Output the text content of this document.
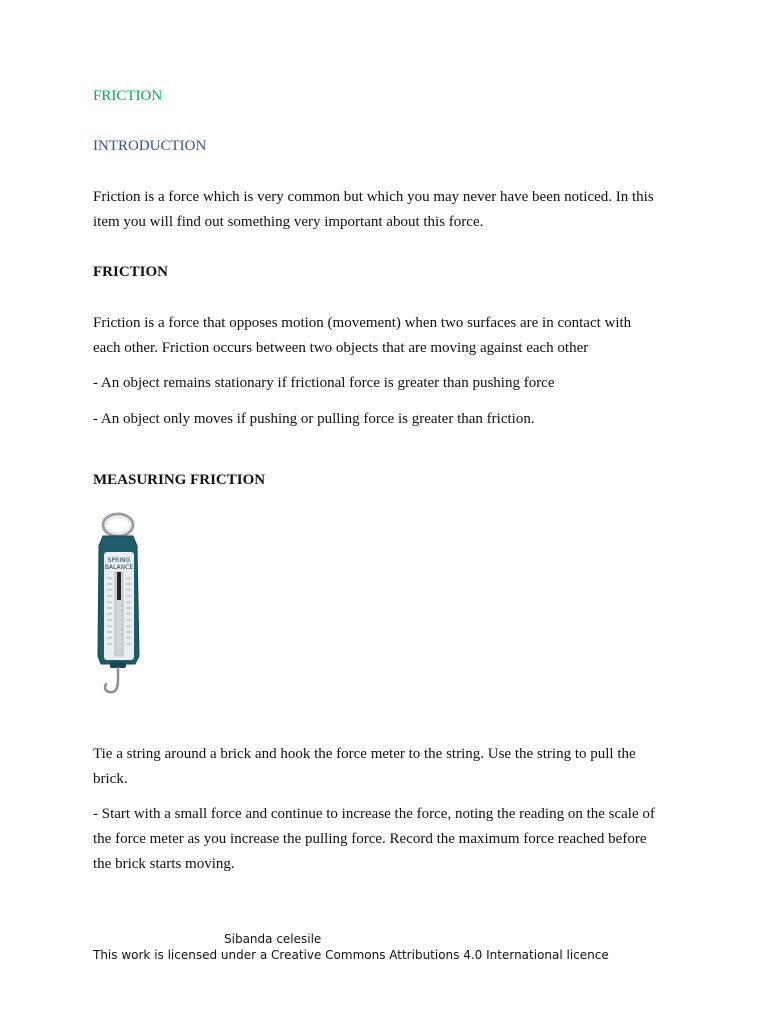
FRICTION

INTRODUCTION

Friction is a force which is very common but which you may never have been noticed. In this

item you will find out something very important about this force.

FRICTION

Friction is a force that opposes motion (movement) when two surfaces are in contact with

each other. Friction occurs between two objects that are moving against each other

- An object remains stationary if frictional force is greater than pushing force

- An object only moves if pushing or pulling force is greater than friction.

MEASURING FRICTION

SPRING
BALANCE

Tie a string around a brick and hook the force meter to the string. Use the string to pull the

brick.

- Start with a small force and continue to increase the force, noting the reading on the scale of

the force meter as you increase the pulling force. Record the maximum force reached before

the brick starts moving.

Sibanda celesile
This work is licensed under a Creative Commons Attributions 4.0 International licence
